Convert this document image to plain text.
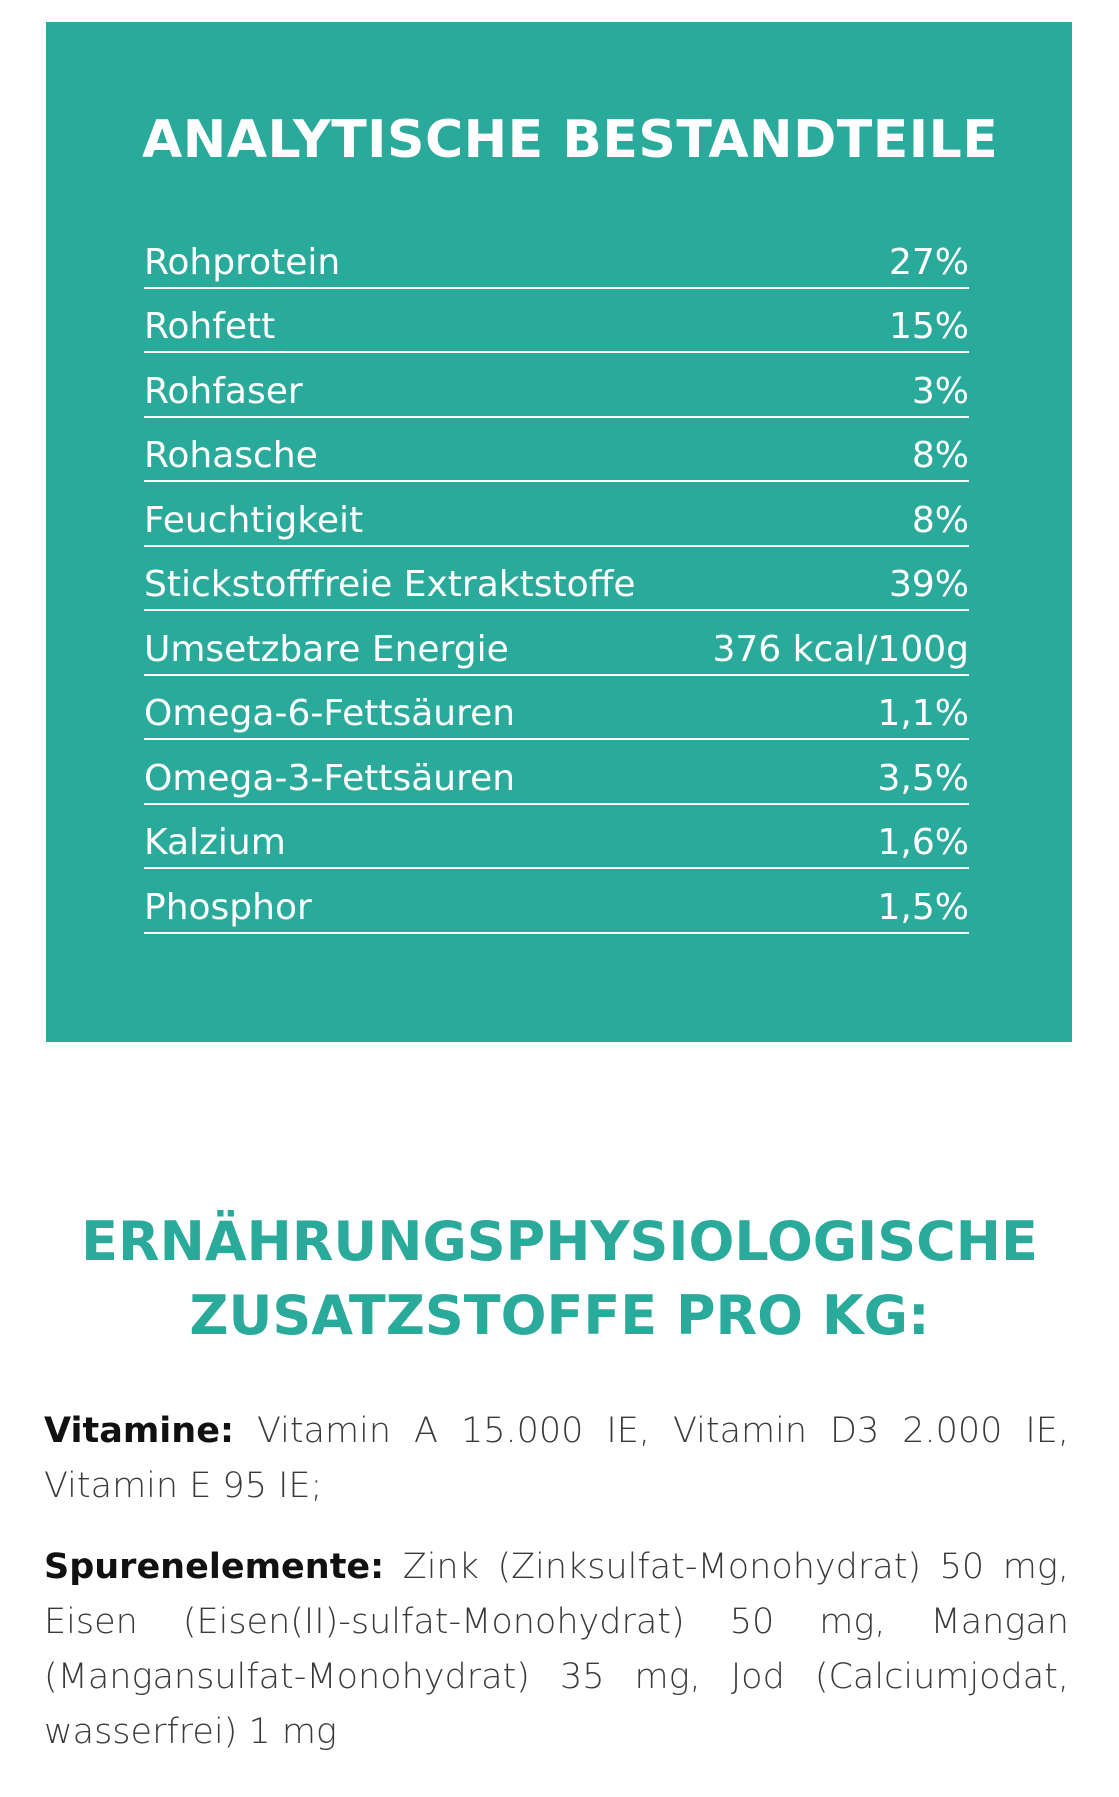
ANALYTISCHE BESTANDTEILE
Rohprotein	27%
Rohfett	15%
Rohfaser	3%
Rohasche	8%
Feuchtigkeit	8%
Stickstofffreie Extraktstoffe	39%
Umsetzbare Energie	376 kcal/100g
Omega-6-Fettsäuren	1,1%
Omega-3-Fettsäuren	3,5%
Kalzium	1,6%
Phosphor	1,5%
ERNÄHRUNGSPHYSIOLOGISCHE
ZUSATZSTOFFE PRO KG:

Vitamine: Vitamin A 15.000 IE, Vitamin D3 2.000 IE, Vitamin E 95 IE;

Spurenelemente: Zink (Zinksulfat-Monohydrat) 50 mg, Eisen (Eisen(II)-sulfat-Monohydrat) 50 mg, Mangan (Mangansulfat-Monohydrat) 35 mg, Jod (Calciumjodat, wasserfrei) 1 mg
